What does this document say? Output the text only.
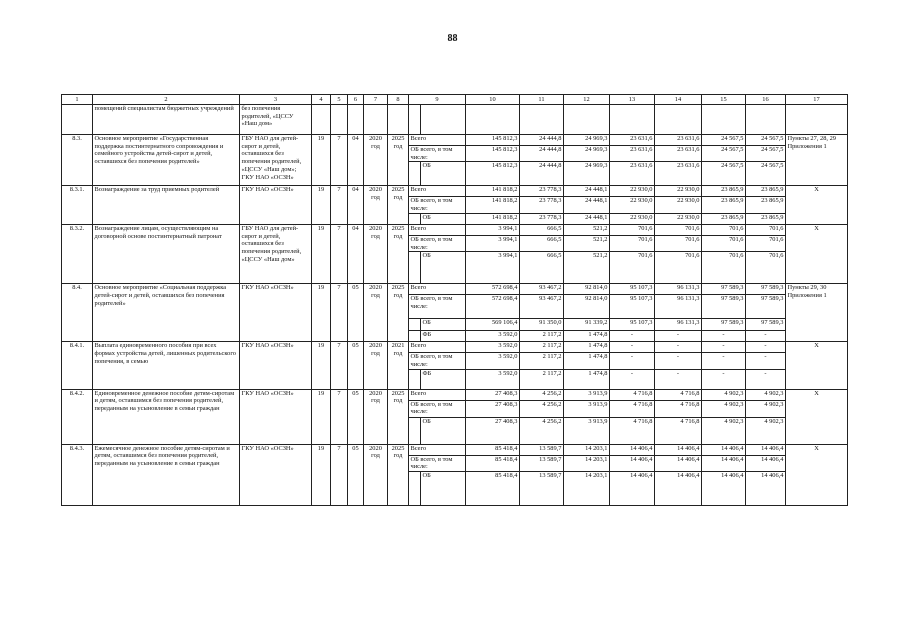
88
1	2	3	4	5	6	7	8	9		10	11	12	13	14	15	16	17
	помещений специалистам бюджетных учреждений	без попечения родителей, «ЦССУ «Наш дом»															
8.3.	Основное мероприятие «Государственная поддержка постинтернатного сопровождения и семейного устройства детей-сирот и детей, оставшихся без попечения родителей»	ГБУ НАО для детей-сирот и детей, оставшихся без попечения родителей, «ЦССУ «Наш дом»; ГКУ НАО «ОСЗН»	19	7	04	2020 год	2025 год	Всего		145 812,3	24 444,8	24 969,3	23 631,6	23 631,6	24 567,5	24 567,5	Пункты 27, 28, 29 Приложения 1
								ОБ всего, в том числе:		145 812,3	24 444,8	24 969,3	23 631,6	23 631,6	24 567,5	24 567,5	
									ОБ	145 812,3	24 444,8	24 969,3	23 631,6	23 631,6	24 567,5	24 567,5	
8.3.1.	Вознаграждение за труд приемных родителей	ГКУ НАО «ОСЗН»	19	7	04	2020 год	2025 год	Всего		141 818,2	23 778,3	24 448,1	22 930,0	22 930,0	23 865,9	23 865,9	X
								ОБ всего, в том числе:		141 818,2	23 778,3	24 448,1	22 930,0	22 930,0	23 865,9	23 865,9	
									ОБ	141 818,2	23 778,3	24 448,1	22 930,0	22 930,0	23 865,9	23 865,9	
8.3.2.	Вознаграждение лицам, осуществляющим на договорной основе постинтернатный патронат	ГБУ НАО для детей-сирот и детей, оставшихся без попечения родителей, «ЦССУ «Наш дом»	19	7	04	2020 год	2025 год	Всего		3 994,1	666,5	521,2	701,6	701,6	701,6	701,6	X
								ОБ всего, в том числе:		3 994,1	666,5	521,2	701,6	701,6	701,6	701,6	
									ОБ	3 994,1	666,5	521,2	701,6	701,6	701,6	701,6	
8.4.	Основное мероприятие «Социальная поддержка детей-сирот и детей, оставшихся без попечения родителей»	ГКУ НАО «ОСЗН»	19	7	05	2020 год	2025 год	Всего		572 698,4	93 467,2	92 814,0	95 107,3	96 131,3	97 589,3	97 589,3	Пункты 29, 30 Приложения 1
								ОБ всего, в том числе:		572 698,4	93 467,2	92 814,0	95 107,3	96 131,3	97 589,3	97 589,3	
									ОБ	569 106,4	91 350,0	91 339,2	95 107,3	96 131,3	97 589,3	97 589,3	
									ФБ	3 592,0	2 117,2	1 474,8	-	-	-	-	
8.4.1.	Выплата единовременного пособия при всех формах устройства детей, лишенных родительского попечения, в семью	ГКУ НАО «ОСЗН»	19	7	05	2020 год	2021 год	Всего		3 592,0	2 117,2	1 474,8	-	-	-	-	X
								ОБ всего, в том числе:		3 592,0	2 117,2	1 474,8	-	-	-	-	
									ФБ	3 592,0	2 117,2	1 474,8	-	-	-	-	
8.4.2.	Единовременное денежное пособие детям-сиротам и детям, оставшимся без попечения родителей, переданным на усыновление в семьи граждан	ГКУ НАО «ОСЗН»	19	7	05	2020 год	2025 год	Всего		27 408,3	4 256,2	3 913,9	4 716,8	4 716,8	4 902,3	4 902,3	X
								ОБ всего, в том числе:		27 408,3	4 256,2	3 913,9	4 716,8	4 716,8	4 902,3	4 902,3	
									ОБ	27 408,3	4 256,2	3 913,9	4 716,8	4 716,8	4 902,3	4 902,3	
8.4.3.	Ежемесячное денежное пособие детям-сиротам и детям, оставшимся без попечения родителей, переданным на усыновление в семьи граждан	ГКУ НАО «ОСЗН»	19	7	05	2020 год	2025 год	Всего		85 418,4	13 589,7	14 203,1	14 406,4	14 406,4	14 406,4	14 406,4	X
								ОБ всего, в том числе:		85 418,4	13 589,7	14 203,1	14 406,4	14 406,4	14 406,4	14 406,4	
									ОБ	85 418,4	13 589,7	14 203,1	14 406,4	14 406,4	14 406,4	14 406,4	
